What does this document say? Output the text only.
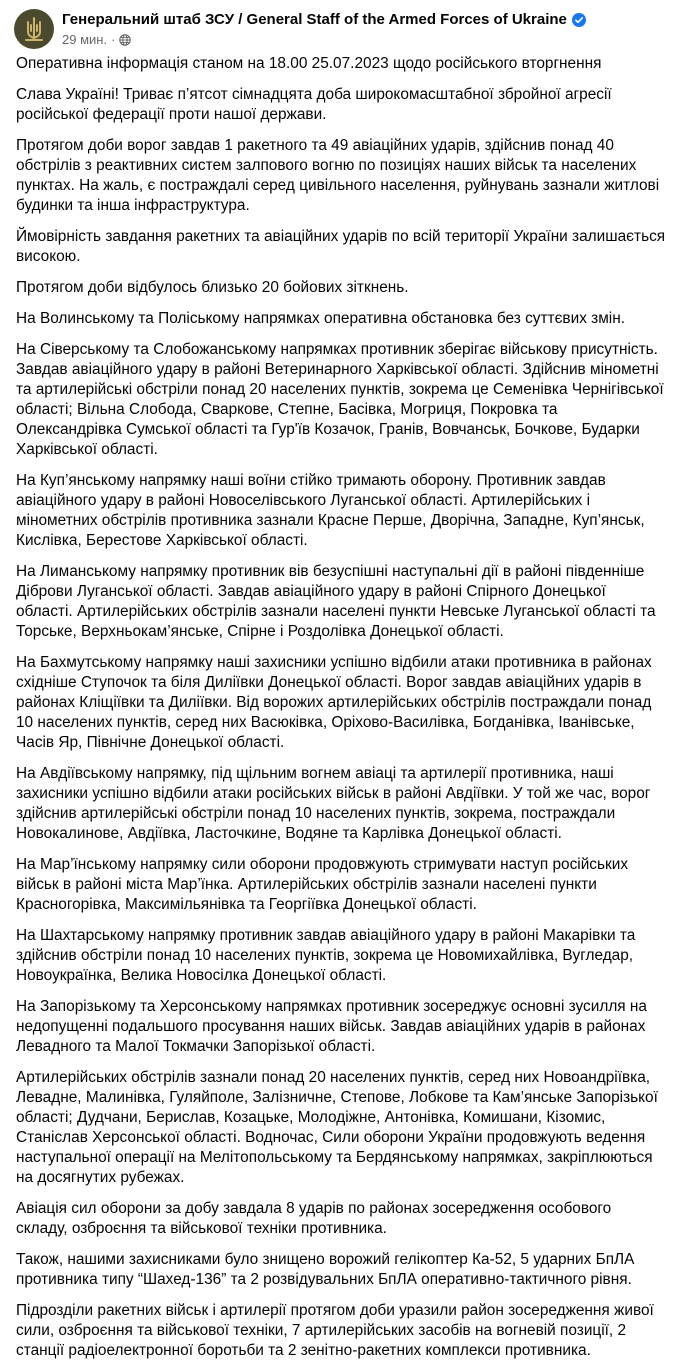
Генеральний штаб ЗСУ / General Staff of the Armed Forces of Ukraine
29 мин. ·

Оперативна інформація станом на 18.00 25.07.2023 щодо російського вторгнення

Слава Україні! Триває п’ятсот сімнадцята доба широкомасштабної збройної агресії російської федерації проти нашої держави.

Протягом доби ворог завдав 1 ракетного та 49 авіаційних ударів, здійснив понад 40 обстрілів з реактивних систем залпового вогню по позиціях наших військ та населених пунктах. На жаль, є постраждалі серед цивільного населення, руйнувань зазнали житлові будинки та інша інфраструктура.

Ймовірність завдання ракетних та авіаційних ударів по всій території України залишається високою.

Протягом доби відбулось близько 20 бойових зіткнень.

На Волинському та Поліському напрямках оперативна обстановка без суттєвих змін.

На Сіверському та Слобожанському напрямках противник зберігає військову присутність. Завдав авіаційного удару в районі Ветеринарного Харківської області. Здійснив мінометні та артилерійські обстріли понад 20 населених пунктів, зокрема це Семенівка Чернігівської області; Вільна Слобода, Сваркове, Степне, Басівка, Могриця, Покровка та Олександрівка Сумської області та Гур'їв Козачок, Гранів, Вовчанськ, Бочкове, Бударки Харківської області.

На Куп’янському напрямку наші воїни стійко тримають оборону. Противник завдав авіаційного удару в районі Новоселівського Луганської області. Артилерійських і мінометних обстрілів противника зазнали Красне Перше, Дворічна, Западне, Куп’янськ, Кислівка, Берестове Харківської області.

На Лиманському напрямку противник вів безуспішні наступальні дії в районі південніше Діброви Луганської області. Завдав авіаційного удару в районі Спірного Донецької області. Артилерійських обстрілів зазнали населені пункти Невське Луганської області та Торське, Верхньокам’янське, Спірне і Роздолівка Донецької області.

На Бахмутському напрямку наші захисники успішно відбили атаки противника в районах східніше Ступочок та біля Диліївки Донецької області. Ворог завдав авіаційних ударів в районах Кліщіївки та Диліївки. Від ворожих артилерійських обстрілів постраждали понад 10 населених пунктів, серед них Васюківка, Оріхово-Василівка, Богданівка, Іванівське, Часів Яр, Північне Донецької області.

На Авдіївському напрямку, під щільним вогнем авіаці та артилерії противника, наші захисники успішно відбили атаки російських військ в районі Авдіївки. У той же час, ворог здійснив артилерійські обстріли понад 10 населених пунктів, зокрема, постраждали Новокалинове, Авдіївка, Ласточкине, Водяне та Карлівка Донецької області.

На Мар’їнському напрямку сили оборони продовжують стримувати наступ російських військ в районі міста Мар’їнка. Артилерійських обстрілів зазнали населені пункти Красногорівка, Максимільянівка та Георгіївка Донецької області.

На Шахтарському напрямку противник завдав авіаційного удару в районі Макарівки та здійснив обстріли понад 10 населених пунктів, зокрема це Новомихайлівка, Вугледар, Новоукраїнка, Велика Новосілка Донецької області.

На Запорізькому та Херсонському напрямках противник зосереджує основні зусилля на недопущенні подальшого просування наших військ. Завдав авіаційних ударів в районах Левадного та Малої Токмачки Запорізької області.

Артилерійських обстрілів зазнали понад 20 населених пунктів, серед них Новоандріївка, Левадне, Малинівка, Гуляйполе, Залізничне, Степове, Лобкове та Кам’янське Запорізької області; Дудчани, Берислав, Козацьке, Молодіжне, Антонівка, Комишани, Кізомис, Станіслав Херсонської області. Водночас, Сили оборони України продовжують ведення наступальної операції на Мелітопольському та Бердянському напрямках, закріплюються на досягнутих рубежах.

Авіація сил оборони за добу завдала 8 ударів по районах зосередження особового складу, озброєння та військової техніки противника.

Також, нашими захисниками було знищено ворожий гелікоптер Ка-52, 5 ударних БпЛА противника типу “Шахед-136” та 2 розвідувальних БпЛА оперативно-тактичного рівня.

Підрозділи ракетних військ і артилерії протягом доби уразили район зосередження живої сили, озброєння та військової техніки, 7 артилерійських засобів на вогневій позиції, 2 станції радіоелектронної боротьби та 2 зенітно-ракетних комплекси противника.
